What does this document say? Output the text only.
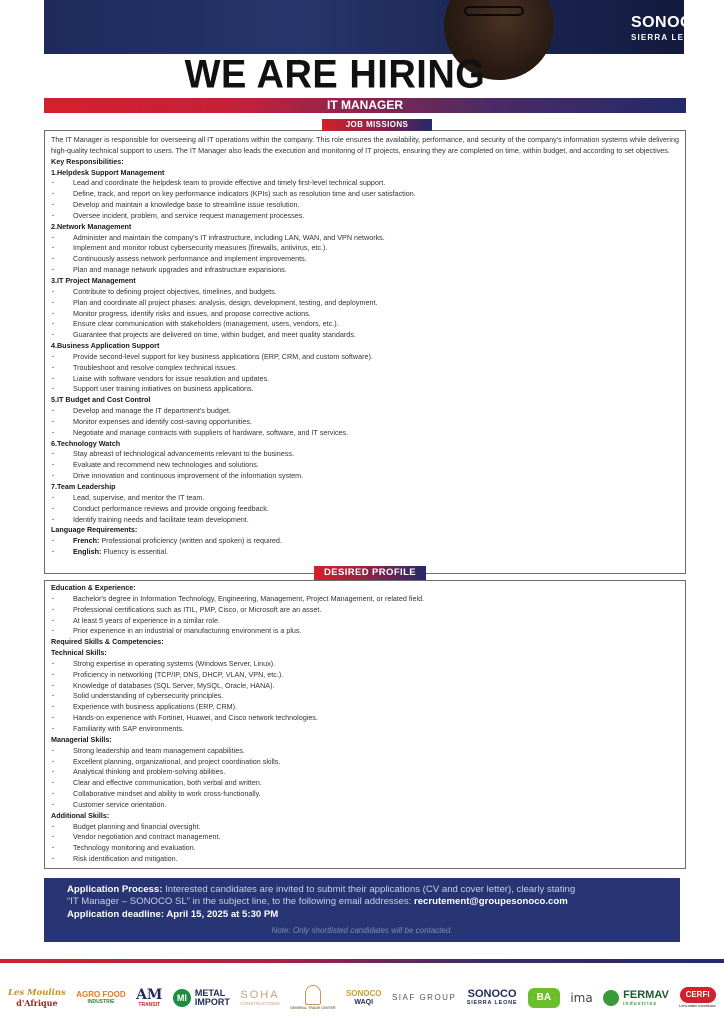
SONOCO
SIERRA LEONE
WE ARE HIRING
IT MANAGER
JOB MISSIONS

The IT Manager is responsible for overseeing all IT operations within the company. This role ensures the availability, performance, and security of the company's information systems while delivering high-quality technical support to users. The IT Manager also leads the execution and monitoring of IT projects, ensuring they are completed on time, within budget, and according to set objectives.

Key Responsibilities:
1.Helpdesk Support Management
· Lead and coordinate the helpdesk team to provide effective and timely first-level technical support.
· Define, track, and report on key performance indicators (KPIs) such as resolution time and user satisfaction.
· Develop and maintain a knowledge base to streamline issue resolution.
· Oversee incident, problem, and service request management processes.
2.Network Management
· Administer and maintain the company's IT infrastructure, including LAN, WAN, and VPN networks.
· Implement and monitor robust cybersecurity measures (firewalls, antivirus, etc.).
· Continuously assess network performance and implement improvements.
· Plan and manage network upgrades and infrastructure expansions.
3.IT Project Management
· Contribute to defining project objectives, timelines, and budgets.
· Plan and coordinate all project phases: analysis, design, development, testing, and deployment.
· Monitor progress, identify risks and issues, and propose corrective actions.
· Ensure clear communication with stakeholders (management, users, vendors, etc.).
· Guarantee that projects are delivered on time, within budget, and meet quality standards.
4.Business Application Support
· Provide second-level support for key business applications (ERP, CRM, and custom software).
· Troubleshoot and resolve complex technical issues.
· Liaise with software vendors for issue resolution and updates.
· Support user training initiatives on business applications.
5.IT Budget and Cost Control
· Develop and manage the IT department's budget.
· Monitor expenses and identify cost-saving opportunities.
· Negotiate and manage contracts with suppliers of hardware, software, and IT services.
6.Technology Watch
· Stay abreast of technological advancements relevant to the business.
· Evaluate and recommend new technologies and solutions.
· Drive innovation and continuous improvement of the information system.
7.Team Leadership
· Lead, supervise, and mentor the IT team.
· Conduct performance reviews and provide ongoing feedback.
· Identify training needs and facilitate team development.
Language Requirements:
· French: Professional proficiency (written and spoken) is required.
· English: Fluency is essential.
DESIRED PROFILE
Education & Experience:
· Bachelor's degree in Information Technology, Engineering, Management, Project Management, or related field.
· Professional certifications such as ITIL, PMP, Cisco, or Microsoft are an asset.
· At least 5 years of experience in a similar role.
· Prior experience in an industrial or manufacturing environment is a plus.
Required Skills & Competencies:
Technical Skills:
· Strong expertise in operating systems (Windows Server, Linux).
· Proficiency in networking (TCP/IP, DNS, DHCP, VLAN, VPN, etc.).
· Knowledge of databases (SQL Server, MySQL, Oracle, HANA).
· Solid understanding of cybersecurity principles.
· Experience with business applications (ERP, CRM).
· Hands-on experience with Fortinet, Huawei, and Cisco network technologies.
· Familiarity with SAP environments.
Managerial Skills:
· Strong leadership and team management capabilities.
· Excellent planning, organizational, and project coordination skills.
· Analytical thinking and problem-solving abilities.
· Clear and effective communication, both verbal and written.
· Collaborative mindset and ability to work cross-functionally.
· Customer service orientation.
Additional Skills:
· Budget planning and financial oversight.
· Vendor negotiation and contract management.
· Technology monitoring and evaluation.
· Risk identification and mitigation.
Application Process: Interested candidates are invited to submit their applications (CV and cover letter), clearly stating
“IT Manager – SONOCO SL” in the subject line, to the following email addresses: recrutement@groupesonoco.com
Application deadline: April 15, 2025 at 5:30 PM
Note: Only shortlisted candidates will be contacted.
Les Moulins
d'Afrique
AGRO FOOD
INDUSTRIE AM
TRANSIT
MI METAL
IMPORT
SOHA
CONSTRUCTIONS
GENERAL TRADE CENTER
SONOCO
WAQI
SIAF GROUP SONOCO
SIERRA LEONE
BA	ima	FERMAV
industries
CERFI
Let's make excellence
